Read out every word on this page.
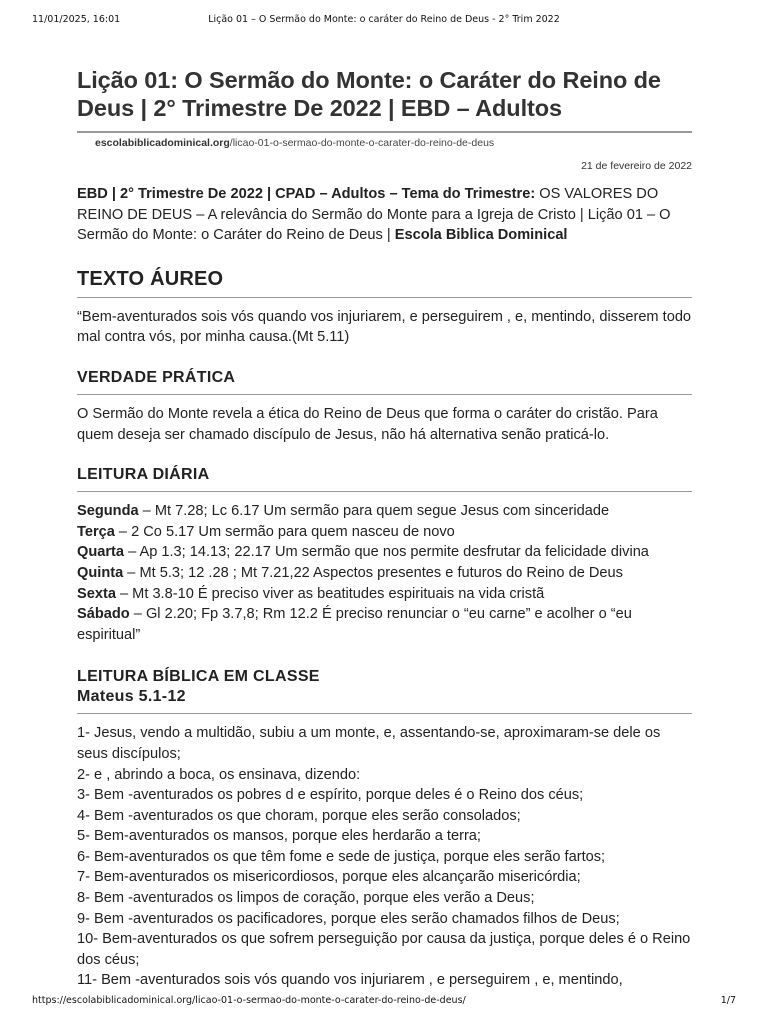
11/01/2025, 16:01	Lição 01 – O Sermão do Monte: o caráter do Reino de Deus - 2° Trim 2022
Lição 01: O Sermão do Monte: o Caráter do Reino de Deus | 2° Trimestre De 2022 | EBD – Adultos
escolabiblicadominical.org/licao-01-o-sermao-do-monte-o-carater-do-reino-de-deus
21 de fevereiro de 2022

EBD | 2° Trimestre De 2022 | CPAD – Adultos – Tema do Trimestre: OS VALORES DO REINO DE DEUS – A relevância do Sermão do Monte para a Igreja de Cristo | Lição 01 – O Sermão do Monte: o Caráter do Reino de Deus | Escola Biblica Dominical

TEXTO ÁUREO

“Bem-aventurados sois vós quando vos injuriarem, e perseguirem , e, mentindo, disserem todo mal contra vós, por minha causa.(Mt 5.11)

VERDADE PRÁTICA

O Sermão do Monte revela a ética do Reino de Deus que forma o caráter do cristão. Para quem deseja ser chamado discípulo de Jesus, não há alternativa senão praticá-lo.

LEITURA DIÁRIA
Segunda – Mt 7.28; Lc 6.17 Um sermão para quem segue Jesus com sinceridade
Terça – 2 Co 5.17 Um sermão para quem nasceu de novo
Quarta – Ap 1.3; 14.13; 22.17 Um sermão que nos permite desfrutar da felicidade divina
Quinta – Mt 5.3; 12 .28 ; Mt 7.21,22 Aspectos presentes e futuros do Reino de Deus
Sexta – Mt 3.8-10 É preciso viver as beatitudes espirituais na vida cristã
Sábado – Gl 2.20; Fp 3.7,8; Rm 12.2 É preciso renunciar o “eu carne” e acolher o “eu espiritual”
LEITURA BÍBLICA EM CLASSE
Mateus 5.1-12
1- Jesus, vendo a multidão, subiu a um monte, e, assentando-se, aproximaram-se dele os seus discípulos;
2- e , abrindo a boca, os ensinava, dizendo:
3- Bem -aventurados os pobres d e espírito, porque deles é o Reino dos céus;
4- Bem -aventurados os que choram, porque eles serão consolados;
5- Bem-aventurados os mansos, porque eles herdarão a terra;
6- Bem-aventurados os que têm fome e sede de justiça, porque eles serão fartos;
7- Bem-aventurados os misericordiosos, porque eles alcançarão misericórdia;
8- Bem -aventurados os limpos de coração, porque eles verão a Deus;
9- Bem -aventurados os pacificadores, porque eles serão chamados filhos de Deus;
10- Bem-aventurados os que sofrem perseguição por causa da justiça, porque deles é o Reino dos céus;
11- Bem -aventurados sois vós quando vos injuriarem , e perseguirem , e, mentindo,
https://escolabiblicadominical.org/licao-01-o-sermao-do-monte-o-carater-do-reino-de-deus/	1/7
